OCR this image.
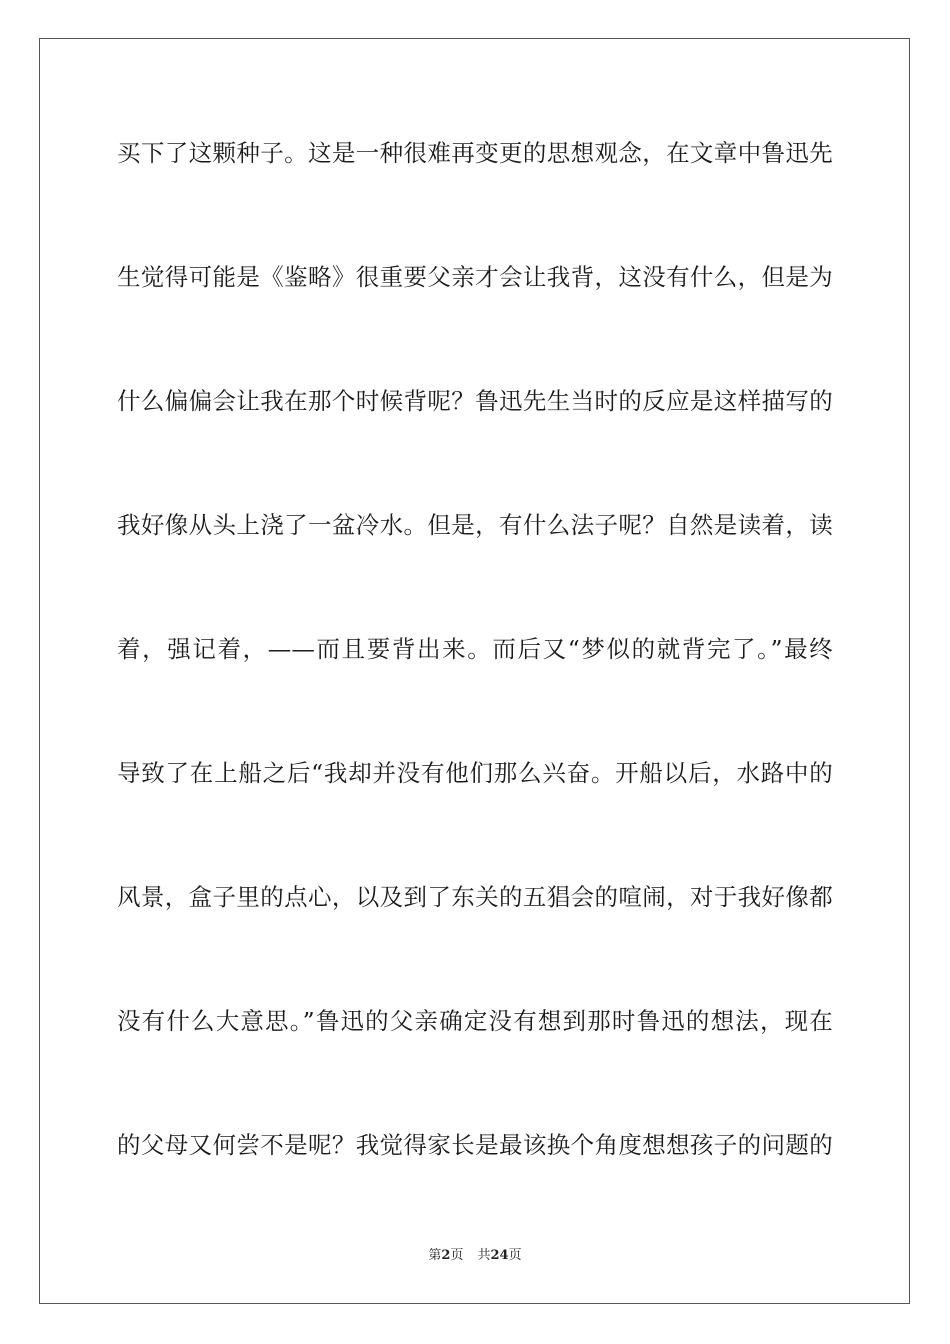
买下了这颗种子。这是一种很难再变更的思想观念，在文章中鲁迅先
生觉得可能是《鉴略》很重要父亲才会让我背，这没有什么，但是为
什么偏偏会让我在那个时候背呢？鲁迅先生当时的反应是这样描写的
我好像从头上浇了一盆冷水。但是，有什么法子呢？自然是读着，读
着，强记着，——而且要背出来。而后又“梦似的就背完了。”最终
导致了在上船之后“我却并没有他们那么兴奋。开船以后，水路中的
风景，盒子里的点心，以及到了东关的五猖会的喧闹，对于我好像都
没有什么大意思。”鲁迅的父亲确定没有想到那时鲁迅的想法，现在
的父母又何尝不是呢？我觉得家长是最该换个角度想想孩子的问题的
第2页 共24页
